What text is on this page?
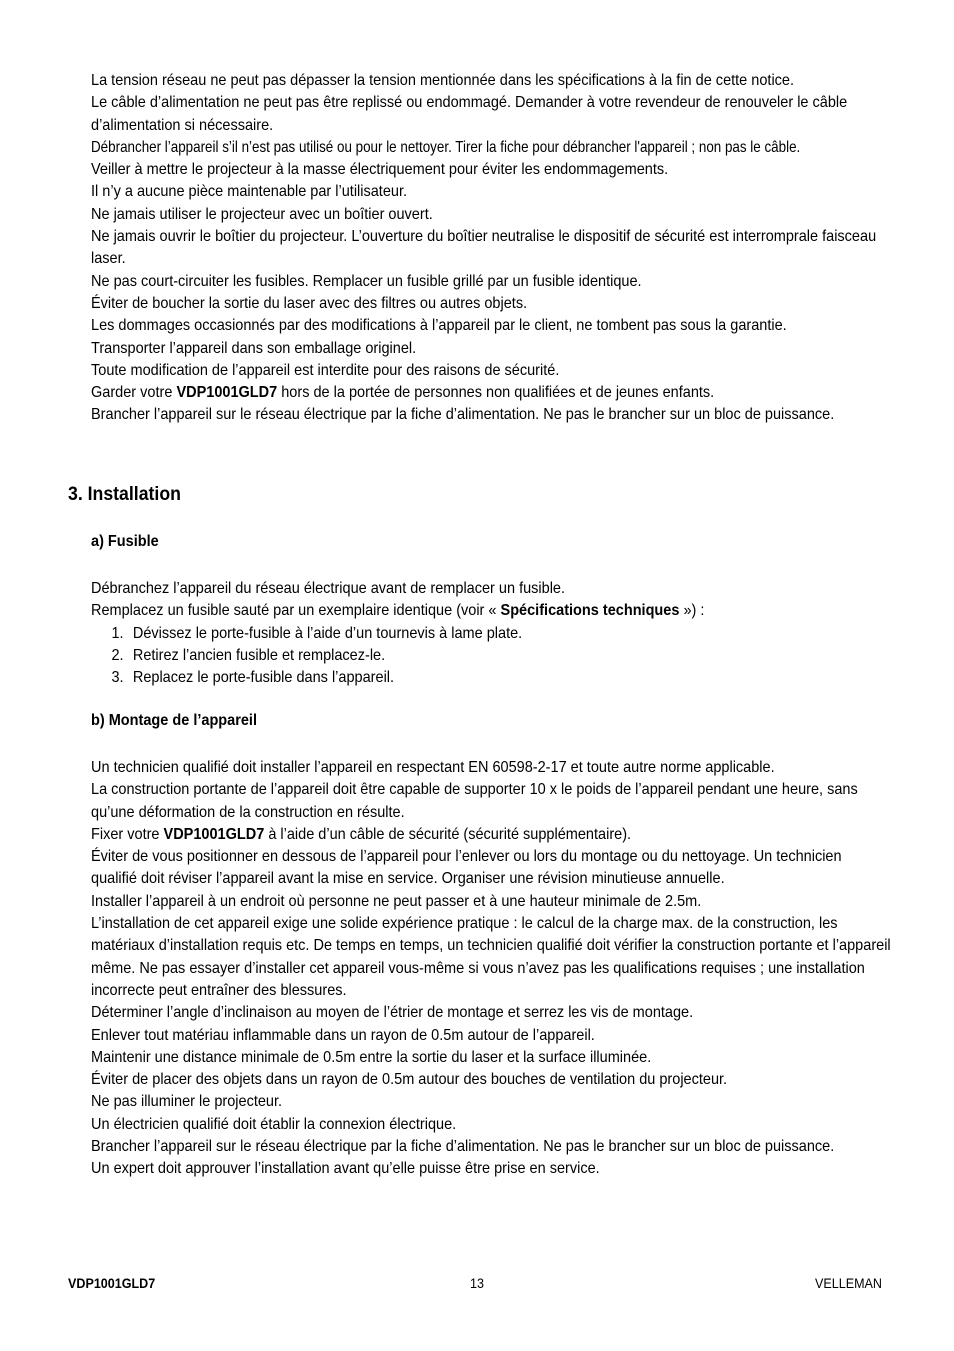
La tension réseau ne peut pas dépasser la tension mentionnée dans les spécifications à la fin de cette notice.

Le câble d’alimentation ne peut pas être replissé ou endommagé. Demander à votre revendeur de renouveler le câble d’alimentation si nécessaire.

Débrancher l’appareil s’il n’est pas utilisé ou pour le nettoyer. Tirer la fiche pour débrancher l'appareil ; non pas le câble.

Veiller à mettre le projecteur à la masse électriquement pour éviter les endommagements.

Il n’y a aucune pièce maintenable par l’utilisateur.

Ne jamais utiliser le projecteur avec un boîtier ouvert.

Ne jamais ouvrir le boîtier du projecteur. L’ouverture du boîtier neutralise le dispositif de sécurité est interromprale faisceau laser.

Ne pas court-circuiter les fusibles. Remplacer un fusible grillé par un fusible identique.

Éviter de boucher la sortie du laser avec des filtres ou autres objets.

Les dommages occasionnés par des modifications à l’appareil par le client, ne tombent pas sous la garantie.

Transporter l’appareil dans son emballage originel.

Toute modification de l’appareil est interdite pour des raisons de sécurité.

Garder votre VDP1001GLD7 hors de la portée de personnes non qualifiées et de jeunes enfants.

Brancher l’appareil sur le réseau électrique par la fiche d’alimentation. Ne pas le brancher sur un bloc de puissance.

3. Installation
a) Fusible

Débranchez l’appareil du réseau électrique avant de remplacer un fusible.

Remplacez un fusible sauté par un exemplaire identique (voir « Spécifications techniques ») :

1. Dévissez le porte-fusible à l’aide d’un tournevis à lame plate.
2. Retirez l’ancien fusible et remplacez-le.
3. Replacez le porte-fusible dans l’appareil.
b) Montage de l’appareil

Un technicien qualifié doit installer l’appareil en respectant EN 60598-2-17 et toute autre norme applicable.

La construction portante de l’appareil doit être capable de supporter 10 x le poids de l’appareil pendant une heure, sans qu’une déformation de la construction en résulte.

Fixer votre VDP1001GLD7 à l’aide d’un câble de sécurité (sécurité supplémentaire).

Éviter de vous positionner en dessous de l’appareil pour l’enlever ou lors du montage ou du nettoyage. Un technicien qualifié doit réviser l’appareil avant la mise en service. Organiser une révision minutieuse annuelle.

Installer l’appareil à un endroit où personne ne peut passer et à une hauteur minimale de 2.5m.

L’installation de cet appareil exige une solide expérience pratique : le calcul de la charge max. de la construction, les matériaux d’installation requis etc. De temps en temps, un technicien qualifié doit vérifier la construction portante et l’appareil même. Ne pas essayer d’installer cet appareil vous-même si vous n’avez pas les qualifications requises ; une installation incorrecte peut entraîner des blessures.

Déterminer l’angle d’inclinaison au moyen de l’étrier de montage et serrez les vis de montage.

Enlever tout matériau inflammable dans un rayon de 0.5m autour de l’appareil.

Maintenir une distance minimale de 0.5m entre la sortie du laser et la surface illuminée.

Éviter de placer des objets dans un rayon de 0.5m autour des bouches de ventilation du projecteur.

Ne pas illuminer le projecteur.

Un électricien qualifié doit établir la connexion électrique.

Brancher l’appareil sur le réseau électrique par la fiche d’alimentation. Ne pas le brancher sur un bloc de puissance.

Un expert doit approuver l’installation avant qu’elle puisse être prise en service.

VDP1001GLD7	13	VELLEMAN
